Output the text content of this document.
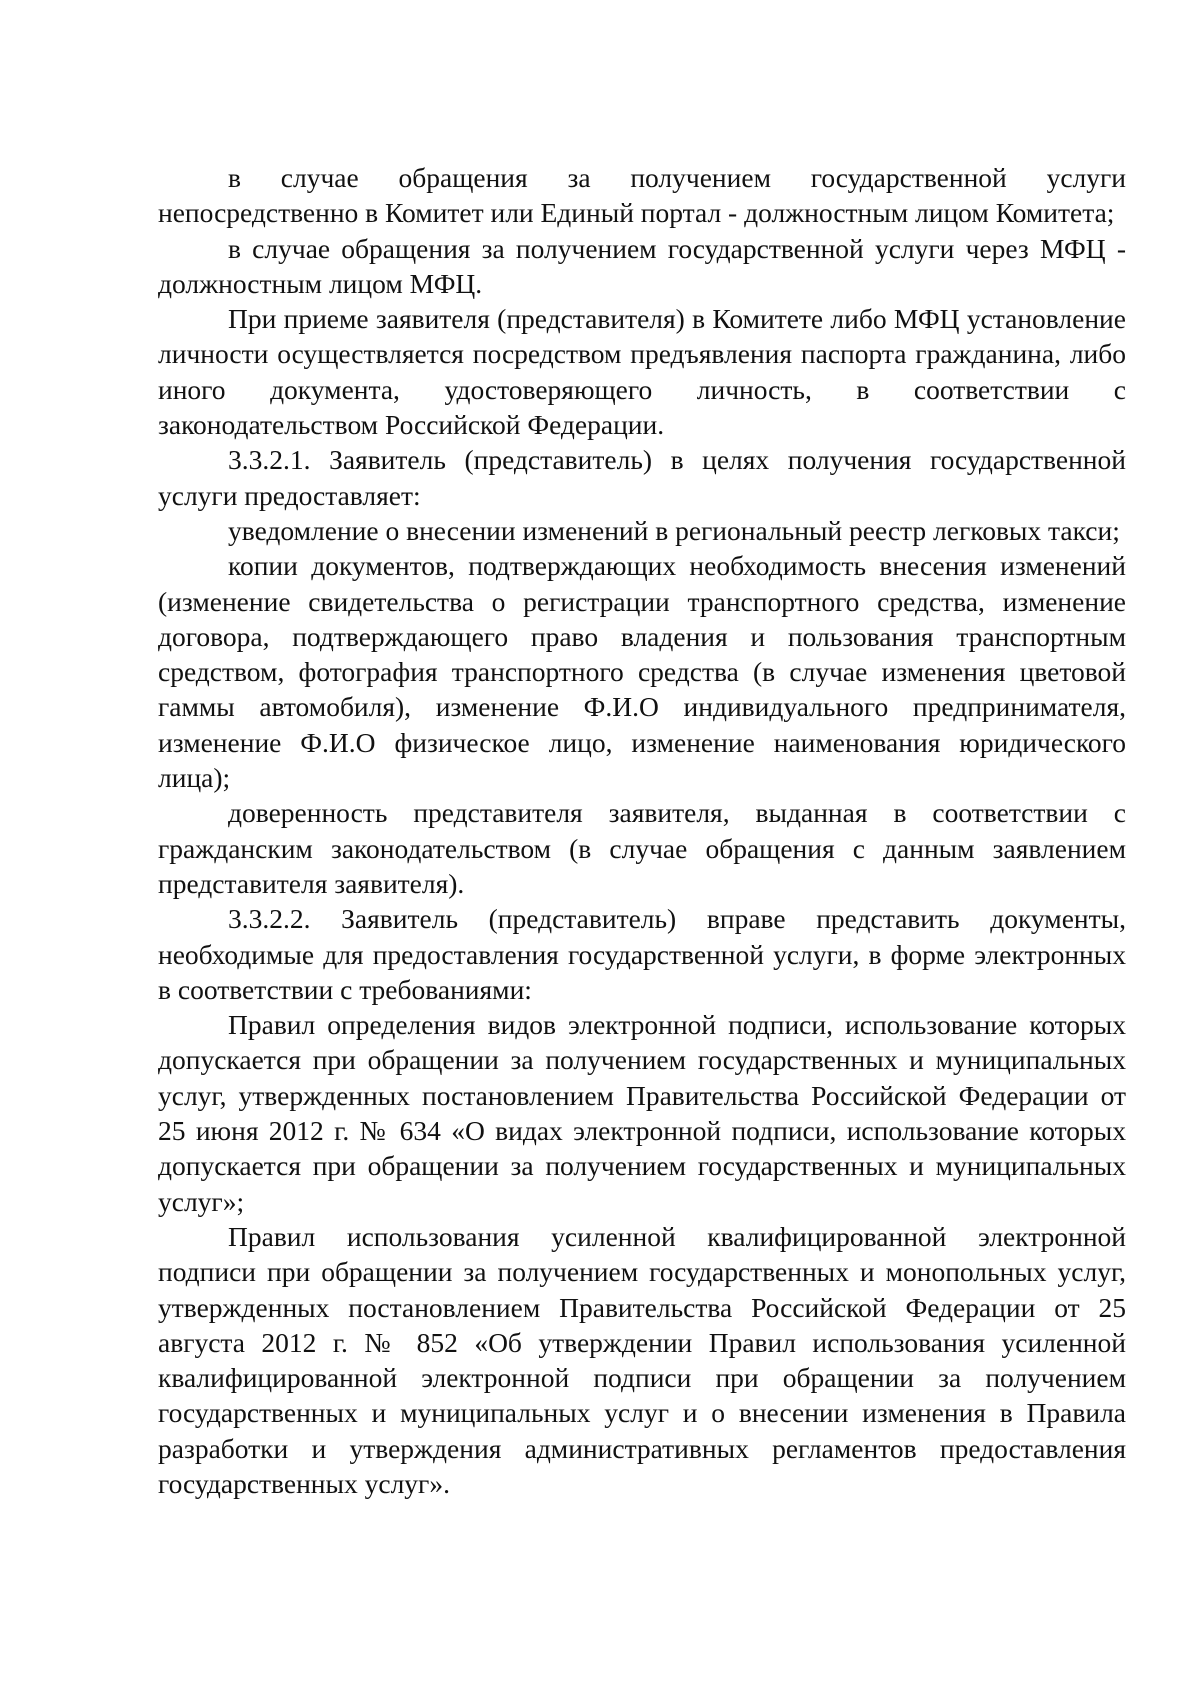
в случае обращения за получением государственной услуги непосредственно в Комитет или Единый портал - должностным лицом Комитета;

в случае обращения за получением государственной услуги через МФЦ - должностным лицом МФЦ.

При приеме заявителя (представителя) в Комитете либо МФЦ установление личности осуществляется посредством предъявления паспорта гражданина, либо иного документа, удостоверяющего личность, в соответствии с законодательством Российской Федерации.

3.3.2.1. Заявитель (представитель) в целях получения государственной услуги предоставляет:

уведомление о внесении изменений в региональный реестр легковых такси;

копии документов, подтверждающих необходимость внесения изменений (изменение свидетельства о регистрации транспортного средства, изменение договора, подтверждающего право владения и пользования транспортным средством, фотография транспортного средства (в случае изменения цветовой гаммы автомобиля), изменение Ф.И.О индивидуального предпринимателя, изменение Ф.И.О физическое лицо, изменение наименования юридического лица);

доверенность представителя заявителя, выданная в соответствии с гражданским законодательством (в случае обращения с данным заявлением представителя заявителя).

3.3.2.2. Заявитель (представитель) вправе представить документы, необходимые для предоставления государственной услуги, в форме электронных в соответствии с требованиями:

Правил определения видов электронной подписи, использование которых допускается при обращении за получением государственных и муниципальных услуг, утвержденных постановлением Правительства Российской Федерации от 25 июня 2012 г. № 634 «О видах электронной подписи, использование которых допускается при обращении за получением государственных и муниципальных услуг»;

Правил использования усиленной квалифицированной электронной подписи при обращении за получением государственных и монопольных услуг, утвержденных постановлением Правительства Российской Федерации от 25 августа 2012 г. № 852 «Об утверждении Правил использования усиленной квалифицированной электронной подписи при обращении за получением государственных и муниципальных услуг и о внесении изменения в Правила разработки и утверждения административных регламентов предоставления государственных услуг».
